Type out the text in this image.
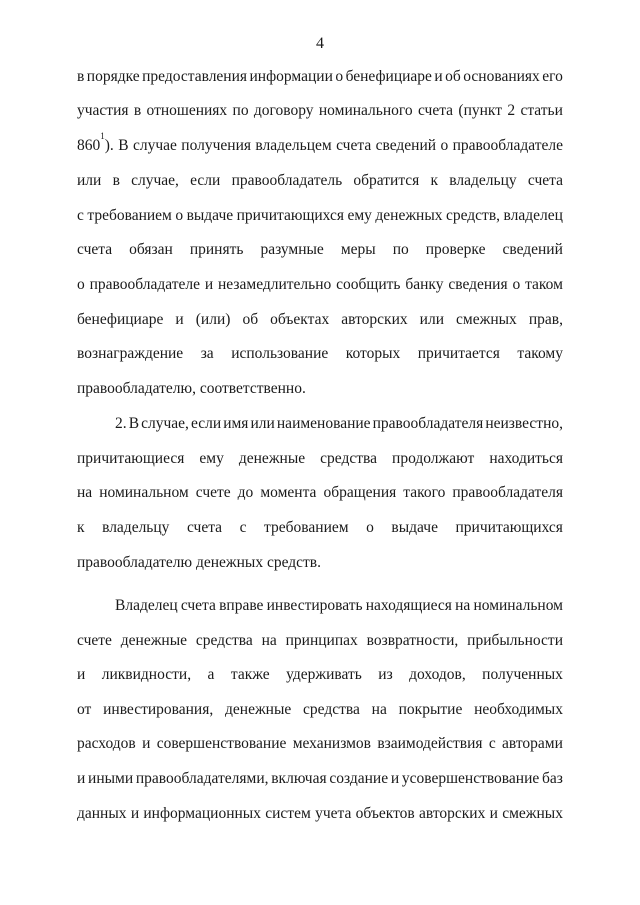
4
в порядке предоставления информации о бенефициаре и об основаниях его
участия в отношениях по договору номинального счета (пункт 2 статьи
860
1
). В случае получения владельцем счета сведений о правообладателе
или в случае, если правообладатель обратится к владельцу счета
с требованием о выдаче причитающихся ему денежных средств, владелец
счета обязан принять разумные меры по проверке сведений
о правообладателе и незамедлительно сообщить банку сведения о таком
бенефициаре и (или) об объектах авторских или смежных прав,
вознаграждение за использование которых причитается такому
правообладателю, соответственно.
2. В случае, если имя или наименование правообладателя неизвестно,
причитающиеся ему денежные средства продолжают находиться
на номинальном счете до момента обращения такого правообладателя
к владельцу счета с требованием о выдаче причитающихся
правообладателю денежных средств.
Владелец счета вправе инвестировать находящиеся на номинальном
счете денежные средства на принципах возвратности, прибыльности
и ликвидности, а также удерживать из доходов, полученных
от инвестирования, денежные средства на покрытие необходимых
расходов и совершенствование механизмов взаимодействия с авторами
и иными правообладателями, включая создание и усовершенствование баз
данных и информационных систем учета объектов авторских и смежных
